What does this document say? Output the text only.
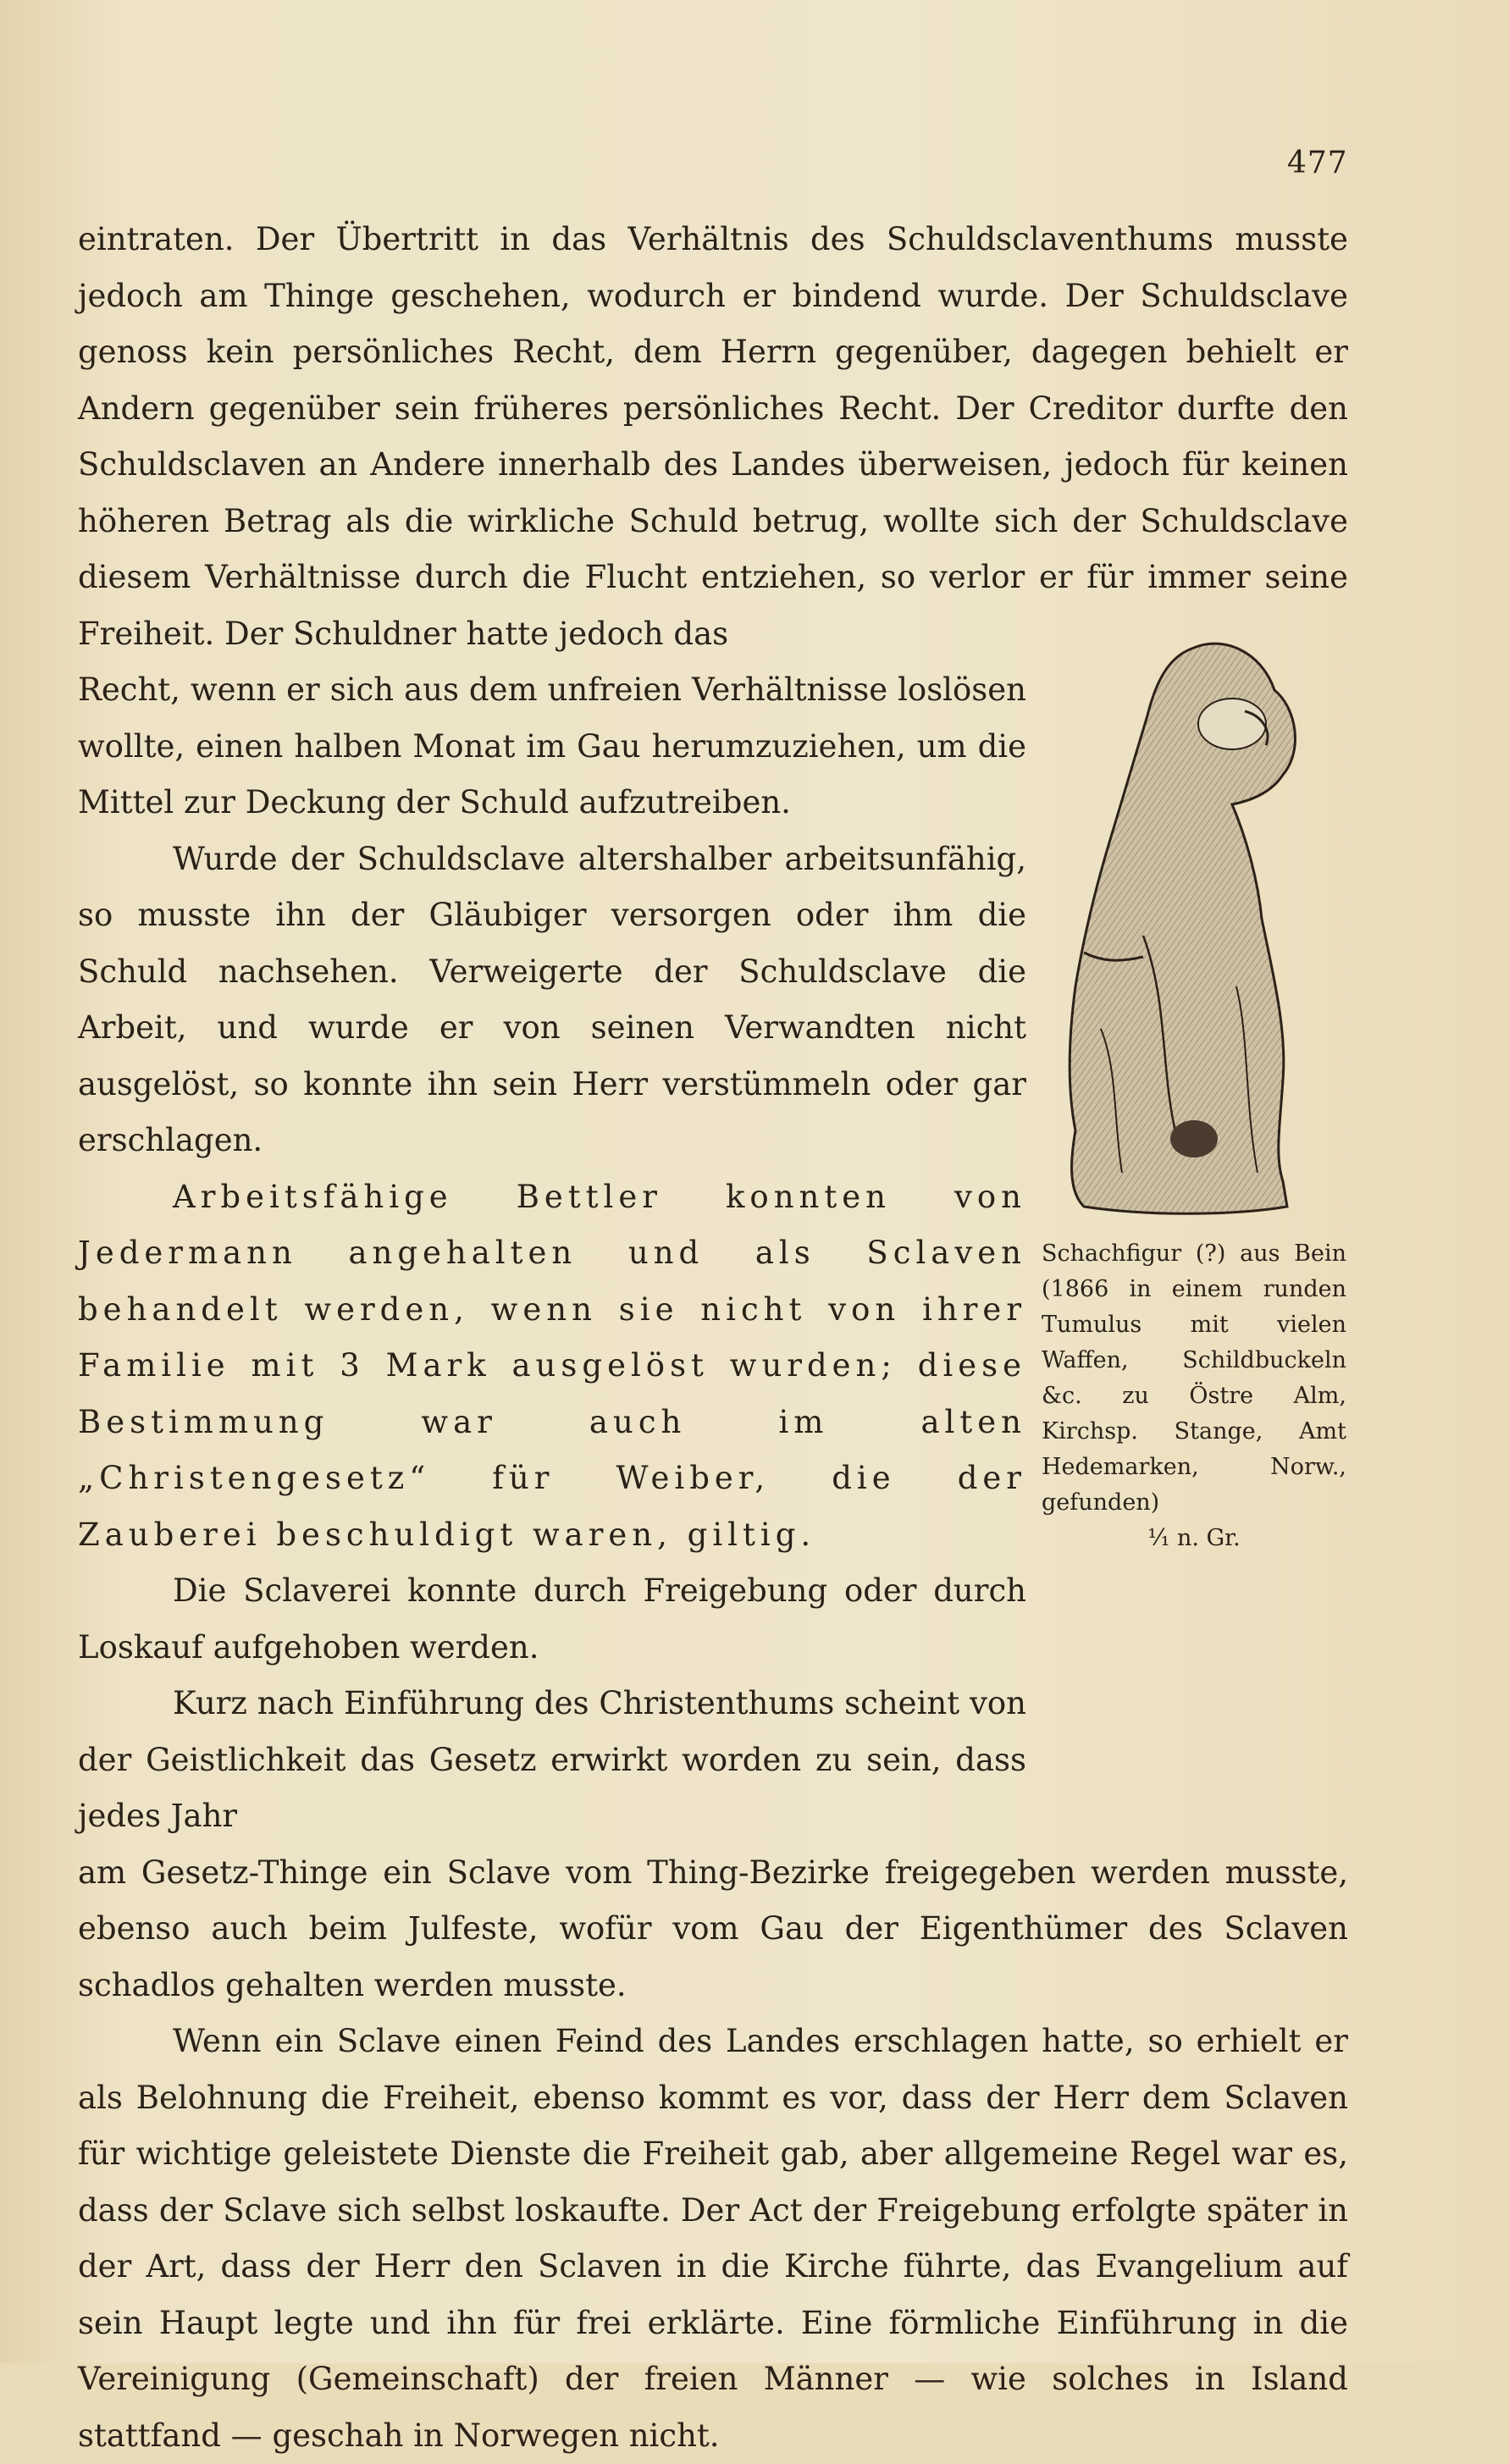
477

eintraten. Der Übertritt in das Verhältnis des Schuldsclaventhums musste jedoch am Thinge geschehen, wodurch er bindend wurde. Der Schuldsclave genoss kein persönliches Recht, dem Herrn gegenüber, dagegen behielt er Andern gegenüber sein früheres persönliches Recht. Der Creditor durfte den Schuldsclaven an Andere innerhalb des Landes überweisen, jedoch für keinen höheren Betrag als die wirkliche Schuld betrug, wollte sich der Schuldsclave diesem Verhältnisse durch die Flucht entziehen, so verlor er für immer seine Freiheit. Der Schuldner hatte jedoch das

Recht, wenn er sich aus dem unfreien Verhältnisse loslösen wollte, einen halben Monat im Gau herumzuziehen, um die Mittel zur Deckung der Schuld aufzutreiben.

Wurde der Schuldsclave altershalber arbeitsunfähig, so musste ihn der Gläubiger versorgen oder ihm die Schuld nachsehen. Verweigerte der Schuldsclave die Arbeit, und wurde er von seinen Verwandten nicht ausgelöst, so konnte ihn sein Herr verstümmeln oder gar erschlagen.

Arbeitsfähige Bettler konnten von Jedermann angehalten und als Sclaven behandelt werden, wenn sie nicht von ihrer Familie mit 3 Mark ausgelöst wurden; diese Bestimmung war auch im alten „Christengesetz“ für Weiber, die der Zauberei beschuldigt waren, giltig.

Die Sclaverei konnte durch Freigebung oder durch Loskauf aufgehoben werden.

Kurz nach Einführung des Christenthums scheint von der Geistlichkeit das Gesetz erwirkt worden zu sein, dass jedes Jahr

am Gesetz-Thinge ein Sclave vom Thing-Bezirke freigegeben werden musste, ebenso auch beim Julfeste, wofür vom Gau der Eigenthümer des Sclaven schadlos gehalten werden musste.

Wenn ein Sclave einen Feind des Landes erschlagen hatte, so erhielt er als Belohnung die Freiheit, ebenso kommt es vor, dass der Herr dem Sclaven für wichtige geleistete Dienste die Freiheit gab, aber allgemeine Regel war es, dass der Sclave sich selbst loskaufte. Der Act der Freigebung erfolgte später in der Art, dass der Herr den Sclaven in die Kirche führte, das Evangelium auf sein Haupt legte und ihn für frei erklärte. Eine förmliche Einführung in die Vereinigung (Gemeinschaft) der freien Männer — wie solches in Island stattfand — geschah in Norwegen nicht.

Schachfigur (?) aus Bein (1866 in einem runden Tumulus mit vielen Waffen, Schildbuckeln &c. zu Östre Alm, Kirchsp. Stange, Amt Hedemarken, Norw., gefunden)
¹⁄₁ n. Gr.
